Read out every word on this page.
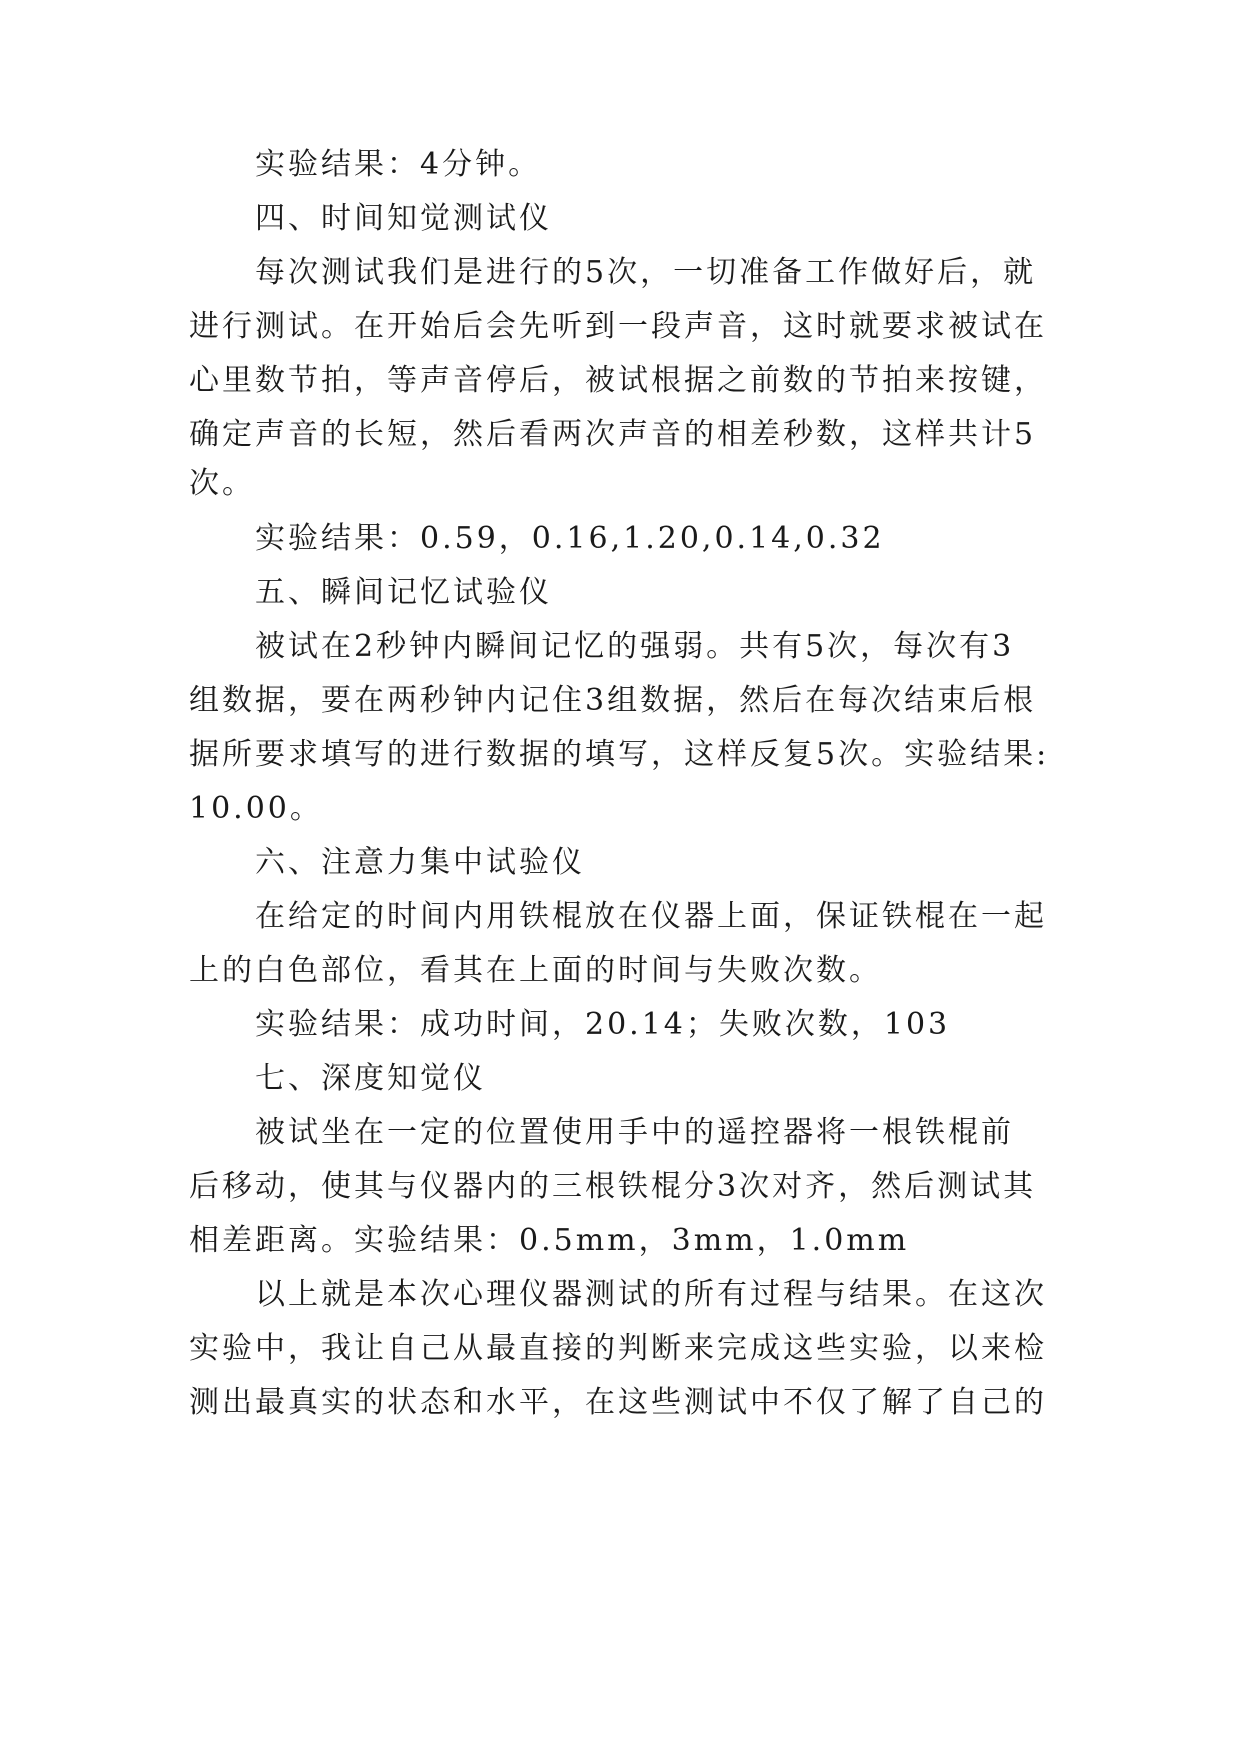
实验结果：4分钟。
四、时间知觉测试仪
每次测试我们是进行的5次，一切准备工作做好后，就
进行测试。在开始后会先听到一段声音，这时就要求被试在
心里数节拍，等声音停后，被试根据之前数的节拍来按键，
确定声音的长短，然后看两次声音的相差秒数，这样共计5
次。
实验结果：0.59，0.16,1.20,0.14,0.32
五、瞬间记忆试验仪
被试在2秒钟内瞬间记忆的强弱。共有5次，每次有3
组数据，要在两秒钟内记住3组数据，然后在每次结束后根
据所要求填写的进行数据的填写，这样反复5次。实验结果:
10.00。
六、注意力集中试验仪
在给定的时间内用铁棍放在仪器上面，保证铁棍在一起
上的白色部位，看其在上面的时间与失败次数。
实验结果：成功时间，20.14；失败次数，103
七、深度知觉仪
被试坐在一定的位置使用手中的遥控器将一根铁棍前
后移动，使其与仪器内的三根铁棍分3次对齐，然后测试其
相差距离。实验结果：0.5mm，3mm，1.0mm
以上就是本次心理仪器测试的所有过程与结果。在这次
实验中，我让自己从最直接的判断来完成这些实验，以来检
测出最真实的状态和水平，在这些测试中不仅了解了自己的
